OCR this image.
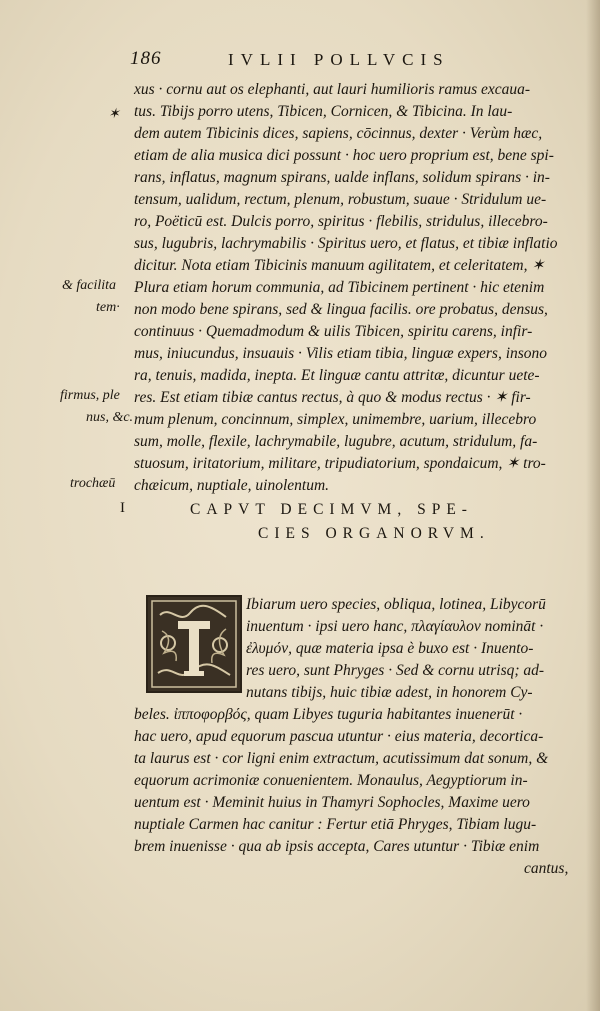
186	IVLII POLLVCIS
xus · cornu aut os elephanti, aut lauri humilioris ramus excaua-
tus. Tibijs porro utens, Tibicen, Cornicen, & Tibicina. In lau-
dem autem Tibicinis dices, sapiens, cōcinnus, dexter · Verùm hæc,
etiam de alia musica dici possunt · hoc uero proprium est, bene spi-
rans, inflatus, magnum spirans, ualde inflans, solidum spirans · in-
tensum, ualidum, rectum, plenum, robustum, suaue · Stridulum ue-
ro, Poëticū est. Dulcis porro, spiritus · flebilis, stridulus, illecebro-
sus, lugubris, lachrymabilis · Spiritus uero, et flatus, et tibiæ inflatio
dicitur. Nota etiam Tibicinis manuum agilitatem, et celeritatem, ✶
Plura etiam horum communia, ad Tibicinem pertinent · hic etenim
non modo bene spirans, sed & lingua facilis. ore probatus, densus,
continuus · Quemadmodum & uilis Tibicen, spiritu carens, infir-
mus, iniucundus, insuauis · Vilis etiam tibia, linguæ expers, insono
ra, tenuis, madida, inepta. Et linguæ cantu attritæ, dicuntur uete-
res. Est etiam tibiæ cantus rectus, à quo & modus rectus · ✶ fir-
mum plenum, concinnum, simplex, unimembre, uarium, illecebro
sum, molle, flexile, lachrymabile, lugubre, acutum, stridulum, fa-
stuosum, iritatorium, militare, tripudiatorium, spondaicum, ✶ tro-
chæicum, nuptiale, uinolentum.
CAPVT DECIMVM, SPE-
CIES ORGANORVM.
Ibiarum uero species, obliqua, lotinea, Libycorū
inuentum · ipsi uero hanc, πλαγίαυλον nomināt ·
ἐλυμόν, quæ materia ipsa è buxo est · Inuento-
res uero, sunt Phryges · Sed & cornu utrisq; ad-
nutans tibijs, huic tibiæ adest, in honorem Cy-
beles. ἰπποφορβός, quam Libyes tuguria habitantes inuenerūt ·
hac uero, apud equorum pascua utuntur · eius materia, decortica-
ta laurus est · cor ligni enim extractum, acutissimum dat sonum, &
equorum acrimoniæ conuenientem. Monaulus, Aegyptiorum in-
uentum est · Meminit huius in Thamyri Sophocles, Maxime uero
nuptiale Carmen hac canitur : Fertur etiā Phryges, Tibiam lugu-
brem inuenisse · qua ab ipsis accepta, Cares utuntur · Tibiæ enim
cantus,
✶
& facilita
tem·
firmus, ple
nus, &c.
trochæū
I
